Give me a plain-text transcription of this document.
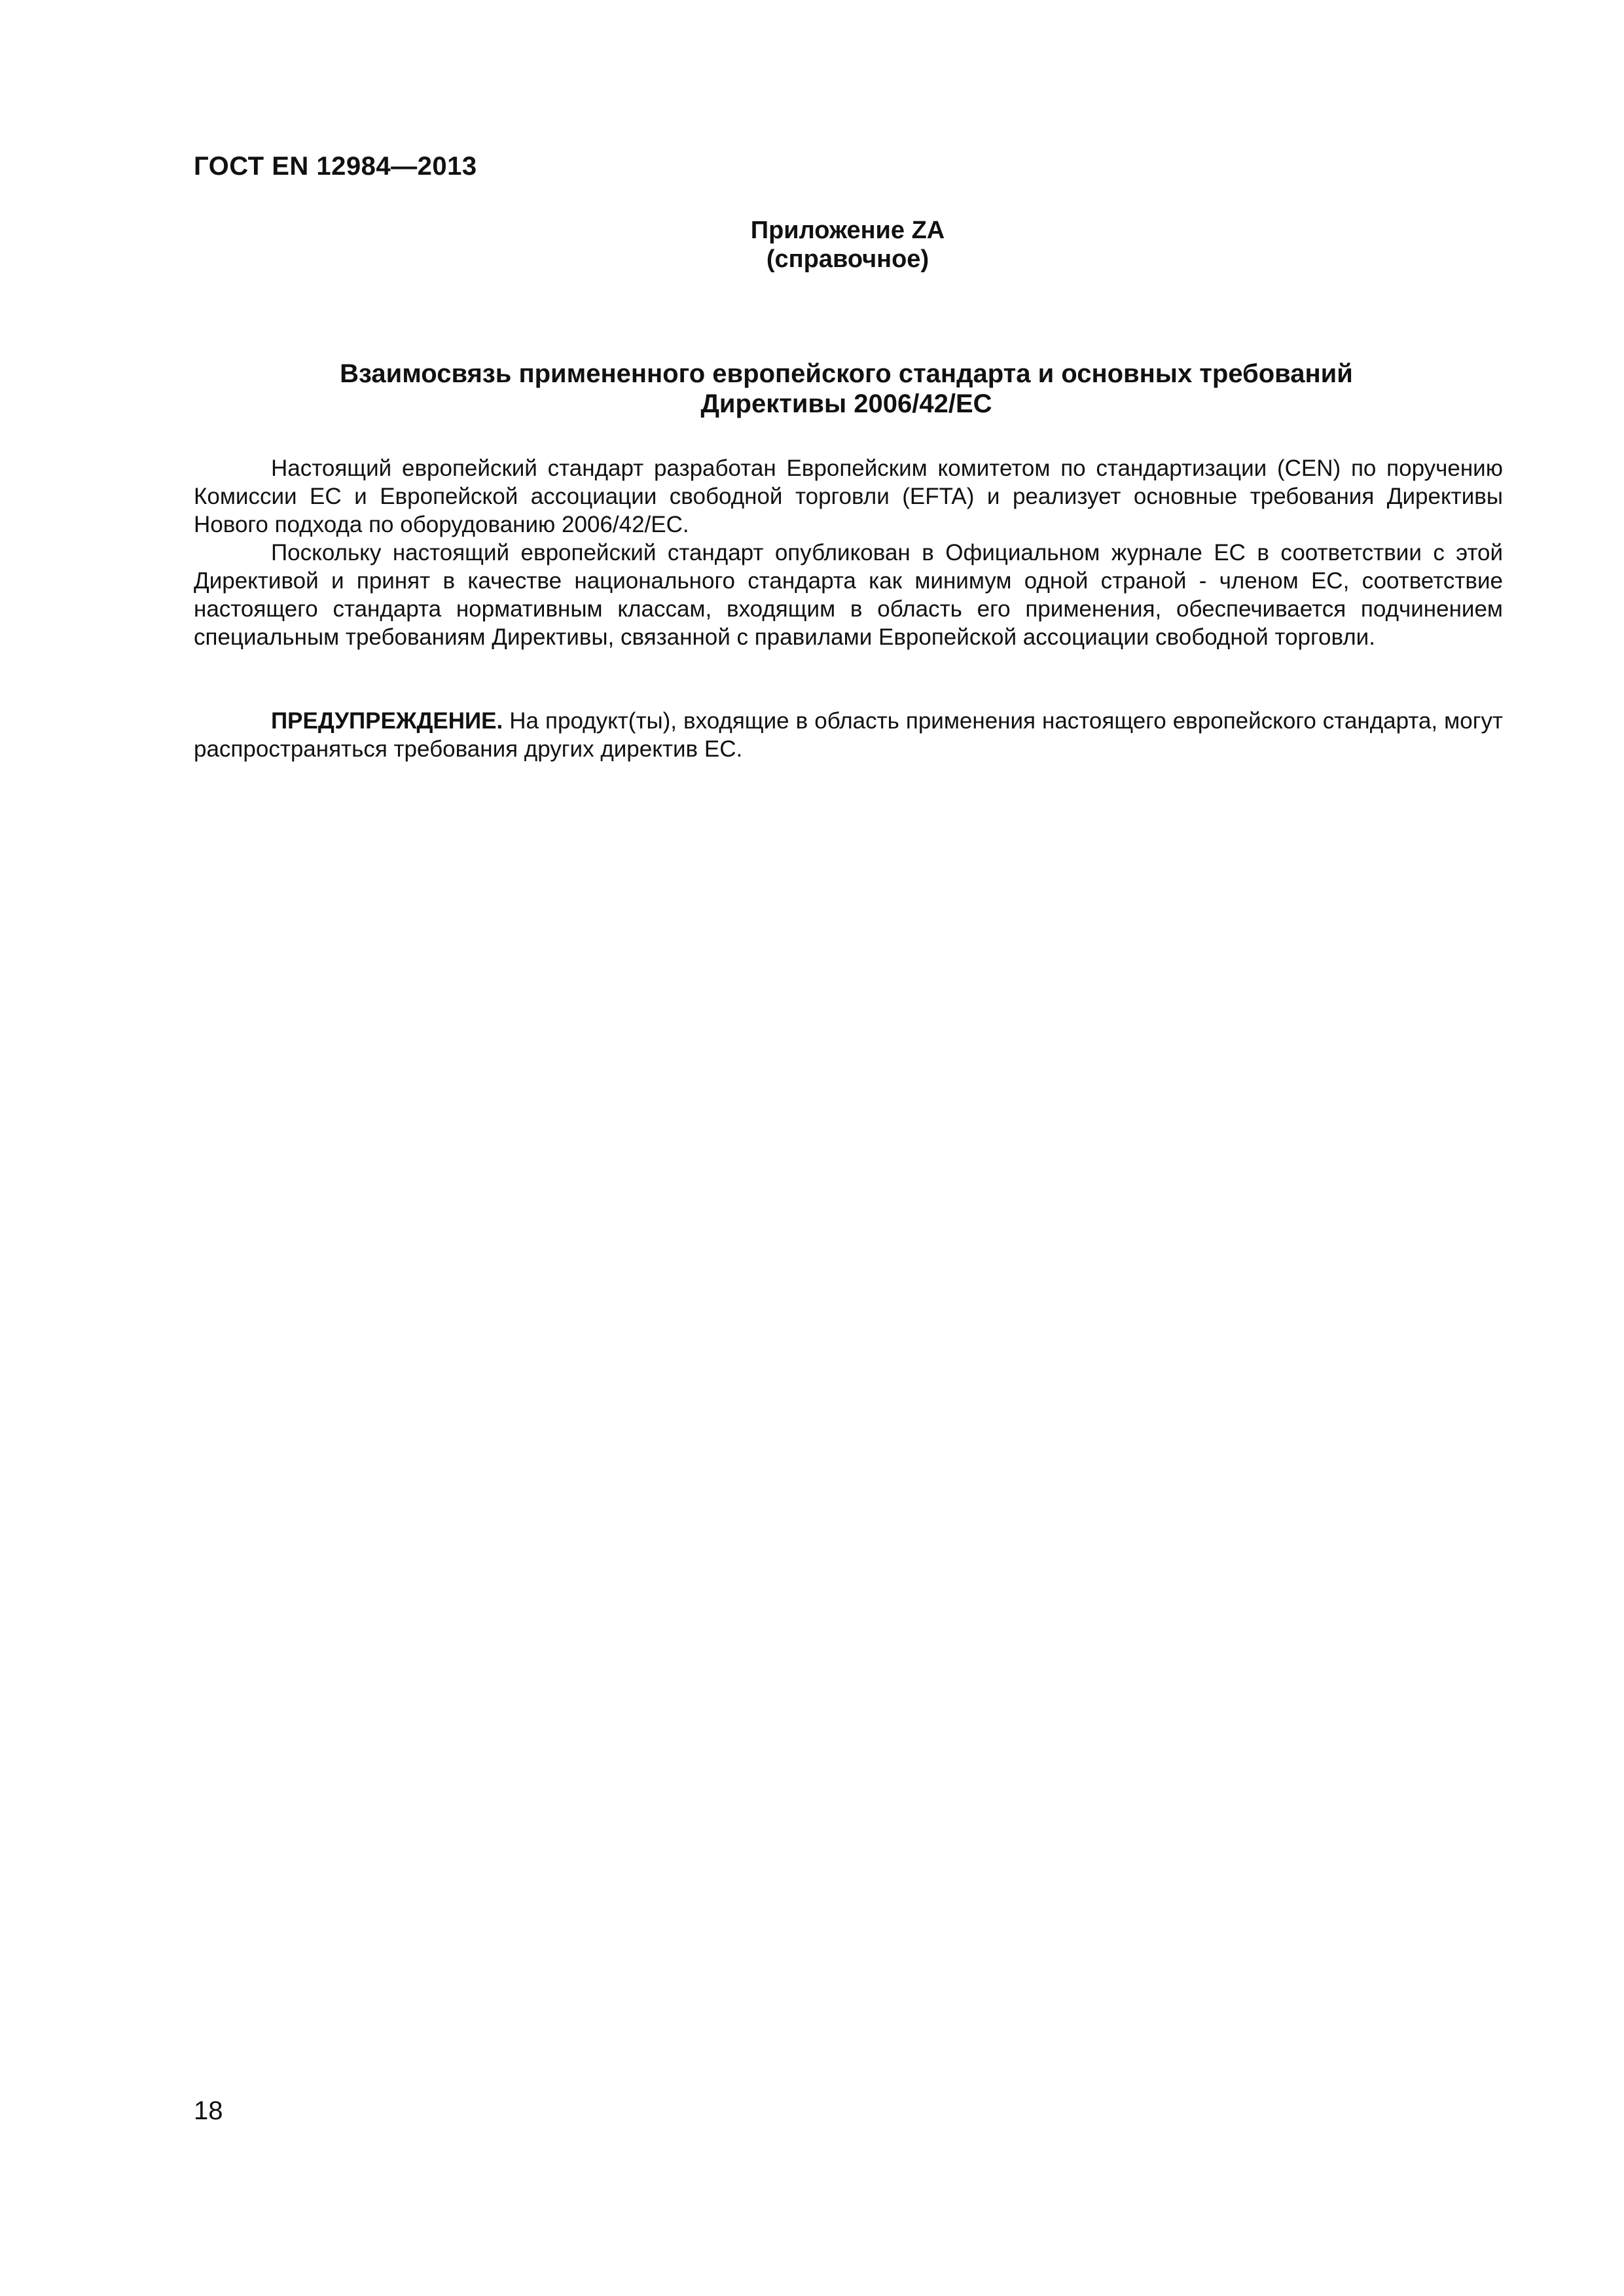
ГОСТ EN 12984—2013
Приложение ZA
(справочное)
Взаимосвязь примененного европейского стандарта и основных требований
Директивы 2006/42/ЕС

Настоящий европейский стандарт разработан Европейским комитетом по стандартизации (CEN) по поручению Комиссии ЕС и Европейской ассоциации свободной торговли (EFTA) и реализует основные требования Директивы Нового подхода по оборудованию 2006/42/ЕС.

Поскольку настоящий европейский стандарт опубликован в Официальном журнале ЕС в соответствии с этой Директивой и принят в качестве национального стандарта как минимум одной страной - членом ЕС, соответствие настоящего стандарта нормативным классам, входящим в область его применения, обеспечивается подчинением специальным требованиям Директивы, связанной с правилами Европейской ассоциации свободной торговли.

ПРЕДУПРЕЖДЕНИЕ. На продукт(ты), входящие в область применения настоящего европейского стандарта, могут распространяться требования других директив ЕС.

18
